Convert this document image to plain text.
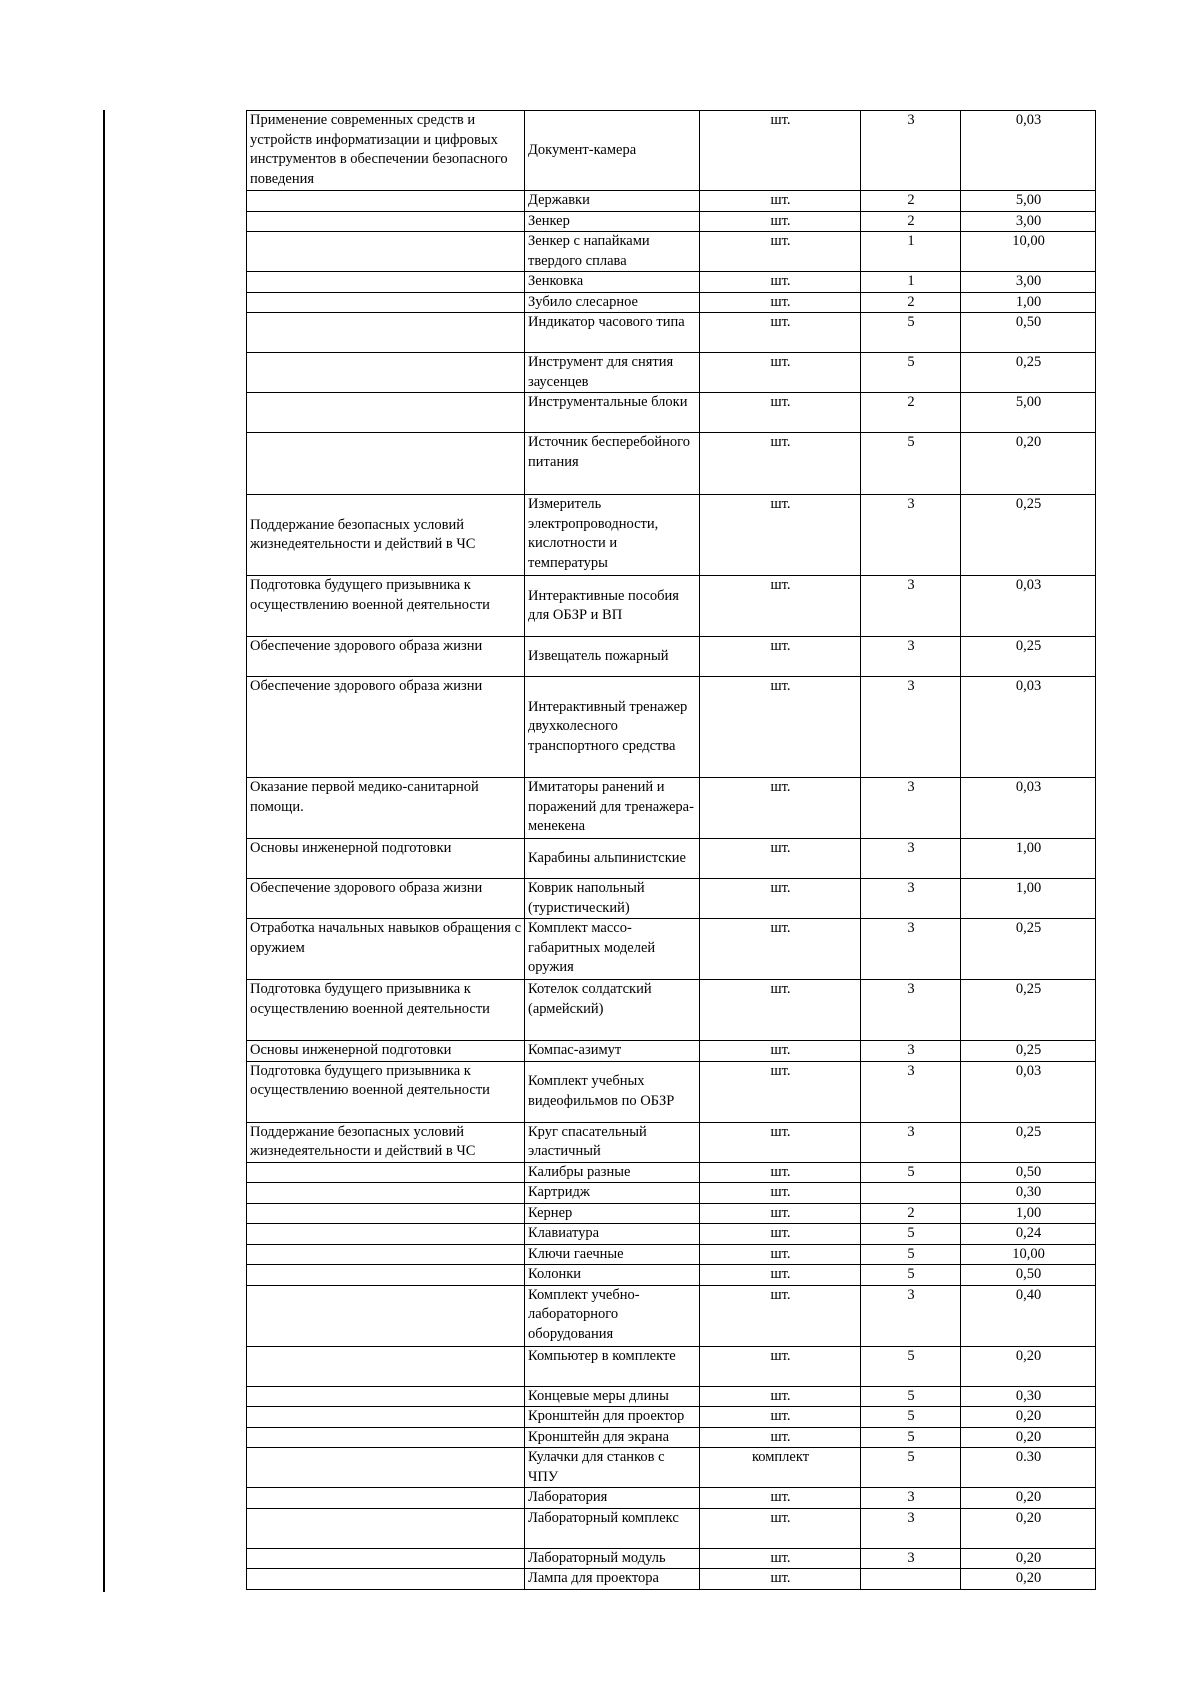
Применение современных средств и устройств информатизации и цифровых инструментов в обеспечении безопасного поведения	Документ-камера	шт.	3	0,03
	Державки	шт.	2	5,00
	Зенкер	шт.	2	3,00
	Зенкер с напайками твердого сплава	шт.	1	10,00
	Зенковка	шт.	1	3,00
	Зубило слесарное	шт.	2	1,00
	Индикатор часового типа	шт.	5	0,50
	Инструмент для снятия заусенцев	шт.	5	0,25
	Инструментальные блоки	шт.	2	5,00
	Источник бесперебойного питания	шт.	5	0,20
Поддержание безопасных условий жизнедеятельности и действий в ЧС	Измеритель электропроводности, кислотности и температуры	шт.	3	0,25
Подготовка будущего призывника к осуществлению военной деятельности	Интерактивные пособия для ОБЗР и ВП	шт.	3	0,03
Обеспечение здорового образа жизни	Извещатель пожарный	шт.	3	0,25
Обеспечение здорового образа жизни	Интерактивный тренажер двухколесного транспортного средства	шт.	3	0,03
Оказание первой медико-санитарной помощи.	Имитаторы ранений и поражений для тренажера-менекена	шт.	3	0,03
Основы инженерной подготовки	Карабины альпинистские	шт.	3	1,00
Обеспечение здорового образа жизни	Коврик напольный (туристический)	шт.	3	1,00
Отработка начальных навыков обращения с оружием	Комплект массо-габаритных моделей оружия	шт.	3	0,25
Подготовка будущего призывника к осуществлению военной деятельности	Котелок солдатский (армейский)	шт.	3	0,25
Основы инженерной подготовки	Компас-азимут	шт.	3	0,25
Подготовка будущего призывника к осуществлению военной деятельности	Комплект учебных видеофильмов по ОБЗР	шт.	3	0,03
Поддержание безопасных условий жизнедеятельности и действий в ЧС	Круг спасательный эластичный	шт.	3	0,25
	Калибры разные	шт.	5	0,50
	Картридж	шт.		0,30
	Кернер	шт.	2	1,00
	Клавиатура	шт.	5	0,24
	Ключи гаечные	шт.	5	10,00
	Колонки	шт.	5	0,50
	Комплект учебно-лабораторного оборудования	шт.	3	0,40
	Компьютер в комплекте	шт.	5	0,20
	Концевые меры длины	шт.	5	0,30
	Кронштейн для проектор	шт.	5	0,20
	Кронштейн для экрана	шт.	5	0,20
	Кулачки для станков с ЧПУ	комплект	5	0.30
	Лаборатория	шт.	3	0,20
	Лабораторный комплекс	шт.	3	0,20
	Лабораторный модуль	шт.	3	0,20
	Лампа для проектора	шт.		0,20
